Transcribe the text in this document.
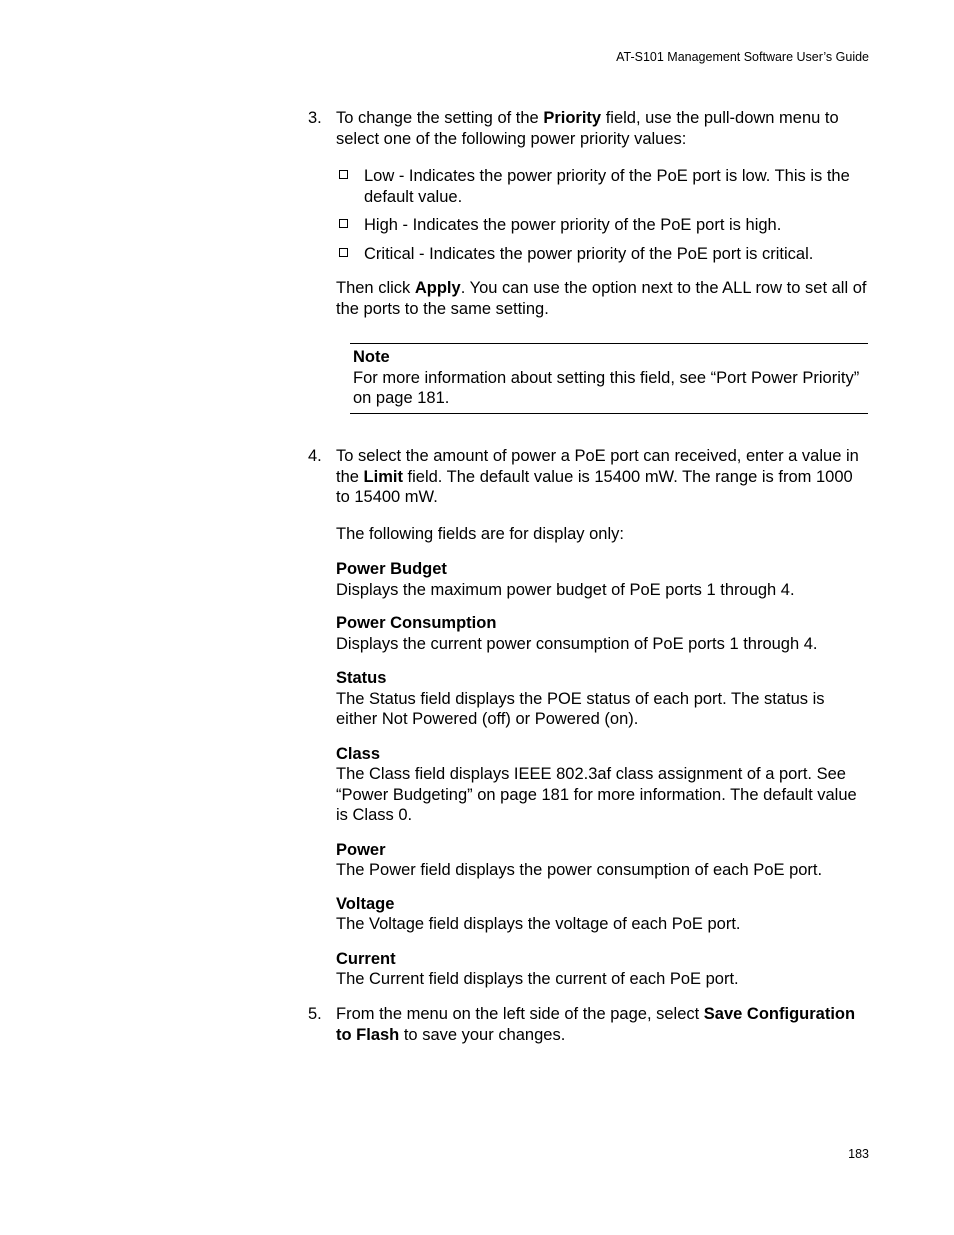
AT-S101 Management Software User’s Guide
3. To change the setting of the Priority field, use the pull-down menu to select one of the following power priority values:

Low - Indicates the power priority of the PoE port is low. This is the default value.
High - Indicates the power priority of the PoE port is high.
Critical - Indicates the power priority of the PoE port is critical.

Then click Apply. You can use the option next to the ALL row to set all of the ports to the same setting.

Note
For more information about setting this field, see “Port Power Priority” on page 181.
4. To select the amount of power a PoE port can received, enter a value in the Limit field. The default value is 15400 mW. The range is from 1000 to 15400 mW.

The following fields are for display only:

Power Budget
Displays the maximum power budget of PoE ports 1 through 4.
Power Consumption
Displays the current power consumption of PoE ports 1 through 4.
Status
The Status field displays the POE status of each port. The status is either Not Powered (off) or Powered (on).
Class
The Class field displays IEEE 802.3af class assignment of a port. See “Power Budgeting” on page 181 for more information. The default value is Class 0.
Power
The Power field displays the power consumption of each PoE port.
Voltage
The Voltage field displays the voltage of each PoE port.
Current
The Current field displays the current of each PoE port.
5. From the menu on the left side of the page, select Save Configuration to Flash to save your changes.

183
